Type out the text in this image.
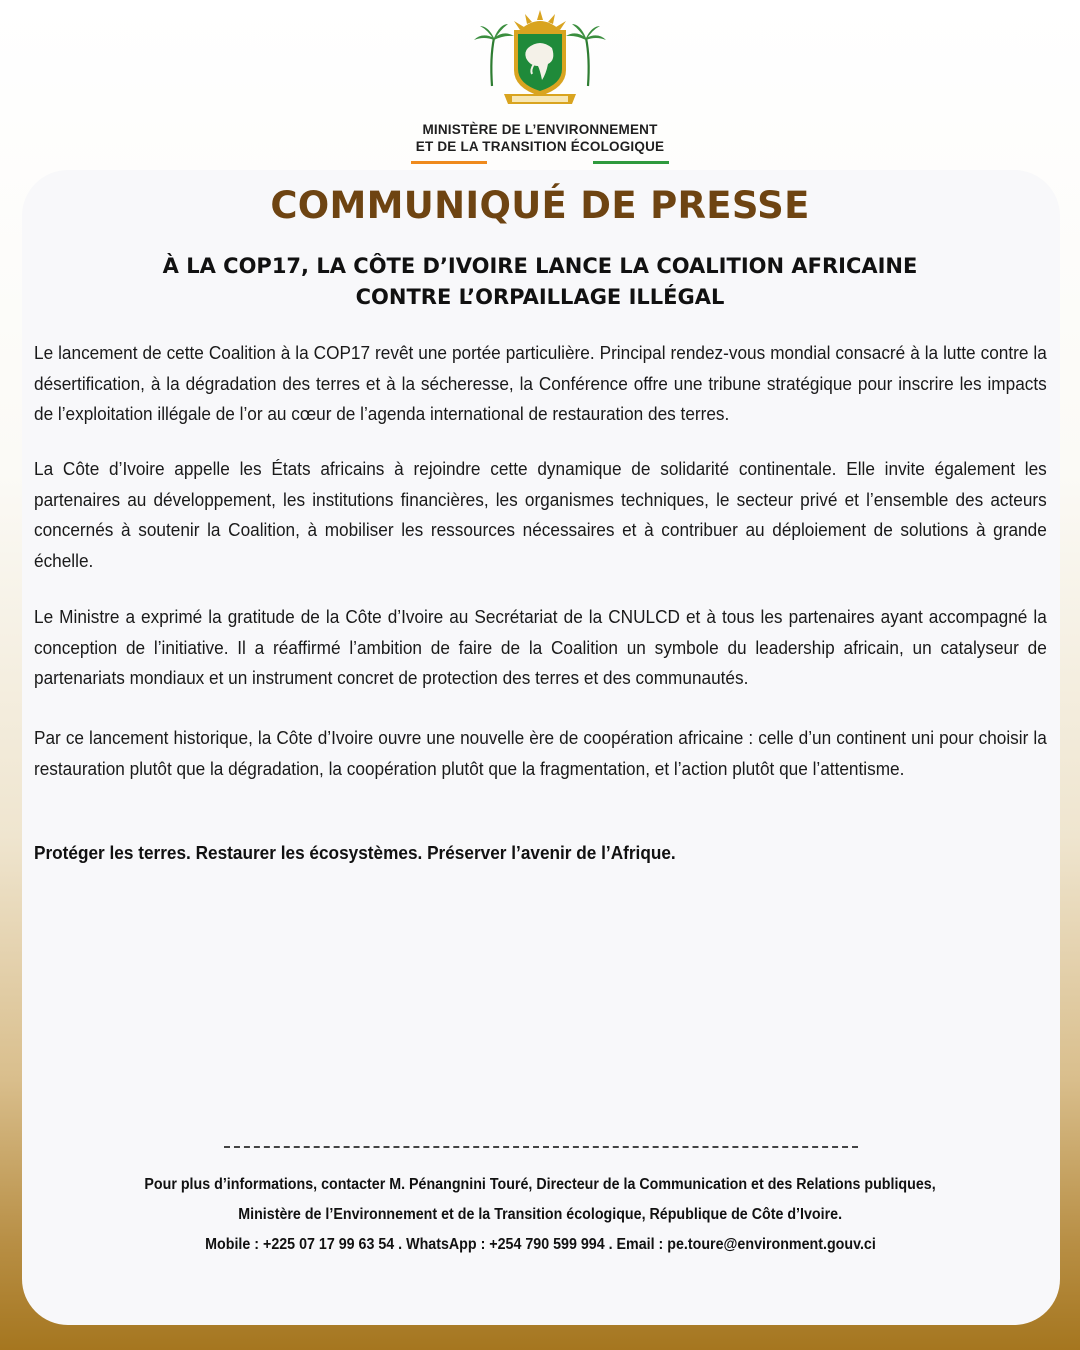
MINISTÈRE DE L’ENVIRONNEMENT
ET DE LA TRANSITION ÉCOLOGIQUE
COMMUNIQUÉ DE PRESSE
À LA COP17, LA CÔTE D’IVOIRE LANCE LA COALITION AFRICAINE
CONTRE L’ORPAILLAGE ILLÉGAL

Le lancement de cette Coalition à la COP17 revêt une portée particulière. Principal rendez-vous mondial consacré à la lutte contre la désertification, à la dégradation des terres et à la sécheresse, la Conférence offre une tribune stratégique pour inscrire les impacts de l’exploitation illégale de l’or au cœur de l’agenda international de restauration des terres.

La Côte d’Ivoire appelle les États africains à rejoindre cette dynamique de solidarité continentale. Elle invite également les partenaires au développement, les institutions financières, les organismes techniques, le secteur privé et l’ensemble des acteurs concernés à soutenir la Coalition, à mobiliser les ressources nécessaires et à contribuer au déploiement de solutions à grande échelle.

Le Ministre a exprimé la gratitude de la Côte d’Ivoire au Secrétariat de la CNULCD et à tous les partenaires ayant accompagné la conception de l’initiative. Il a réaffirmé l’ambition de faire de la Coalition un symbole du leadership africain, un catalyseur de partenariats mondiaux et un instrument concret de protection des terres et des communautés.

Par ce lancement historique, la Côte d’Ivoire ouvre une nouvelle ère de coopération africaine : celle d’un continent uni pour choisir la restauration plutôt que la dégradation, la coopération plutôt que la fragmentation, et l’action plutôt que l’attentisme.

Protéger les terres. Restaurer les écosystèmes. Préserver l’avenir de l’Afrique.

Pour plus d’informations, contacter M. Pénangnini Touré, Directeur de la Communication et des Relations publiques,
Ministère de l’Environnement et de la Transition écologique, République de Côte d’Ivoire.
Mobile : +225 07 17 99 63 54 . WhatsApp : +254 790 599 994 . Email : pe.toure@environment.gouv.ci
